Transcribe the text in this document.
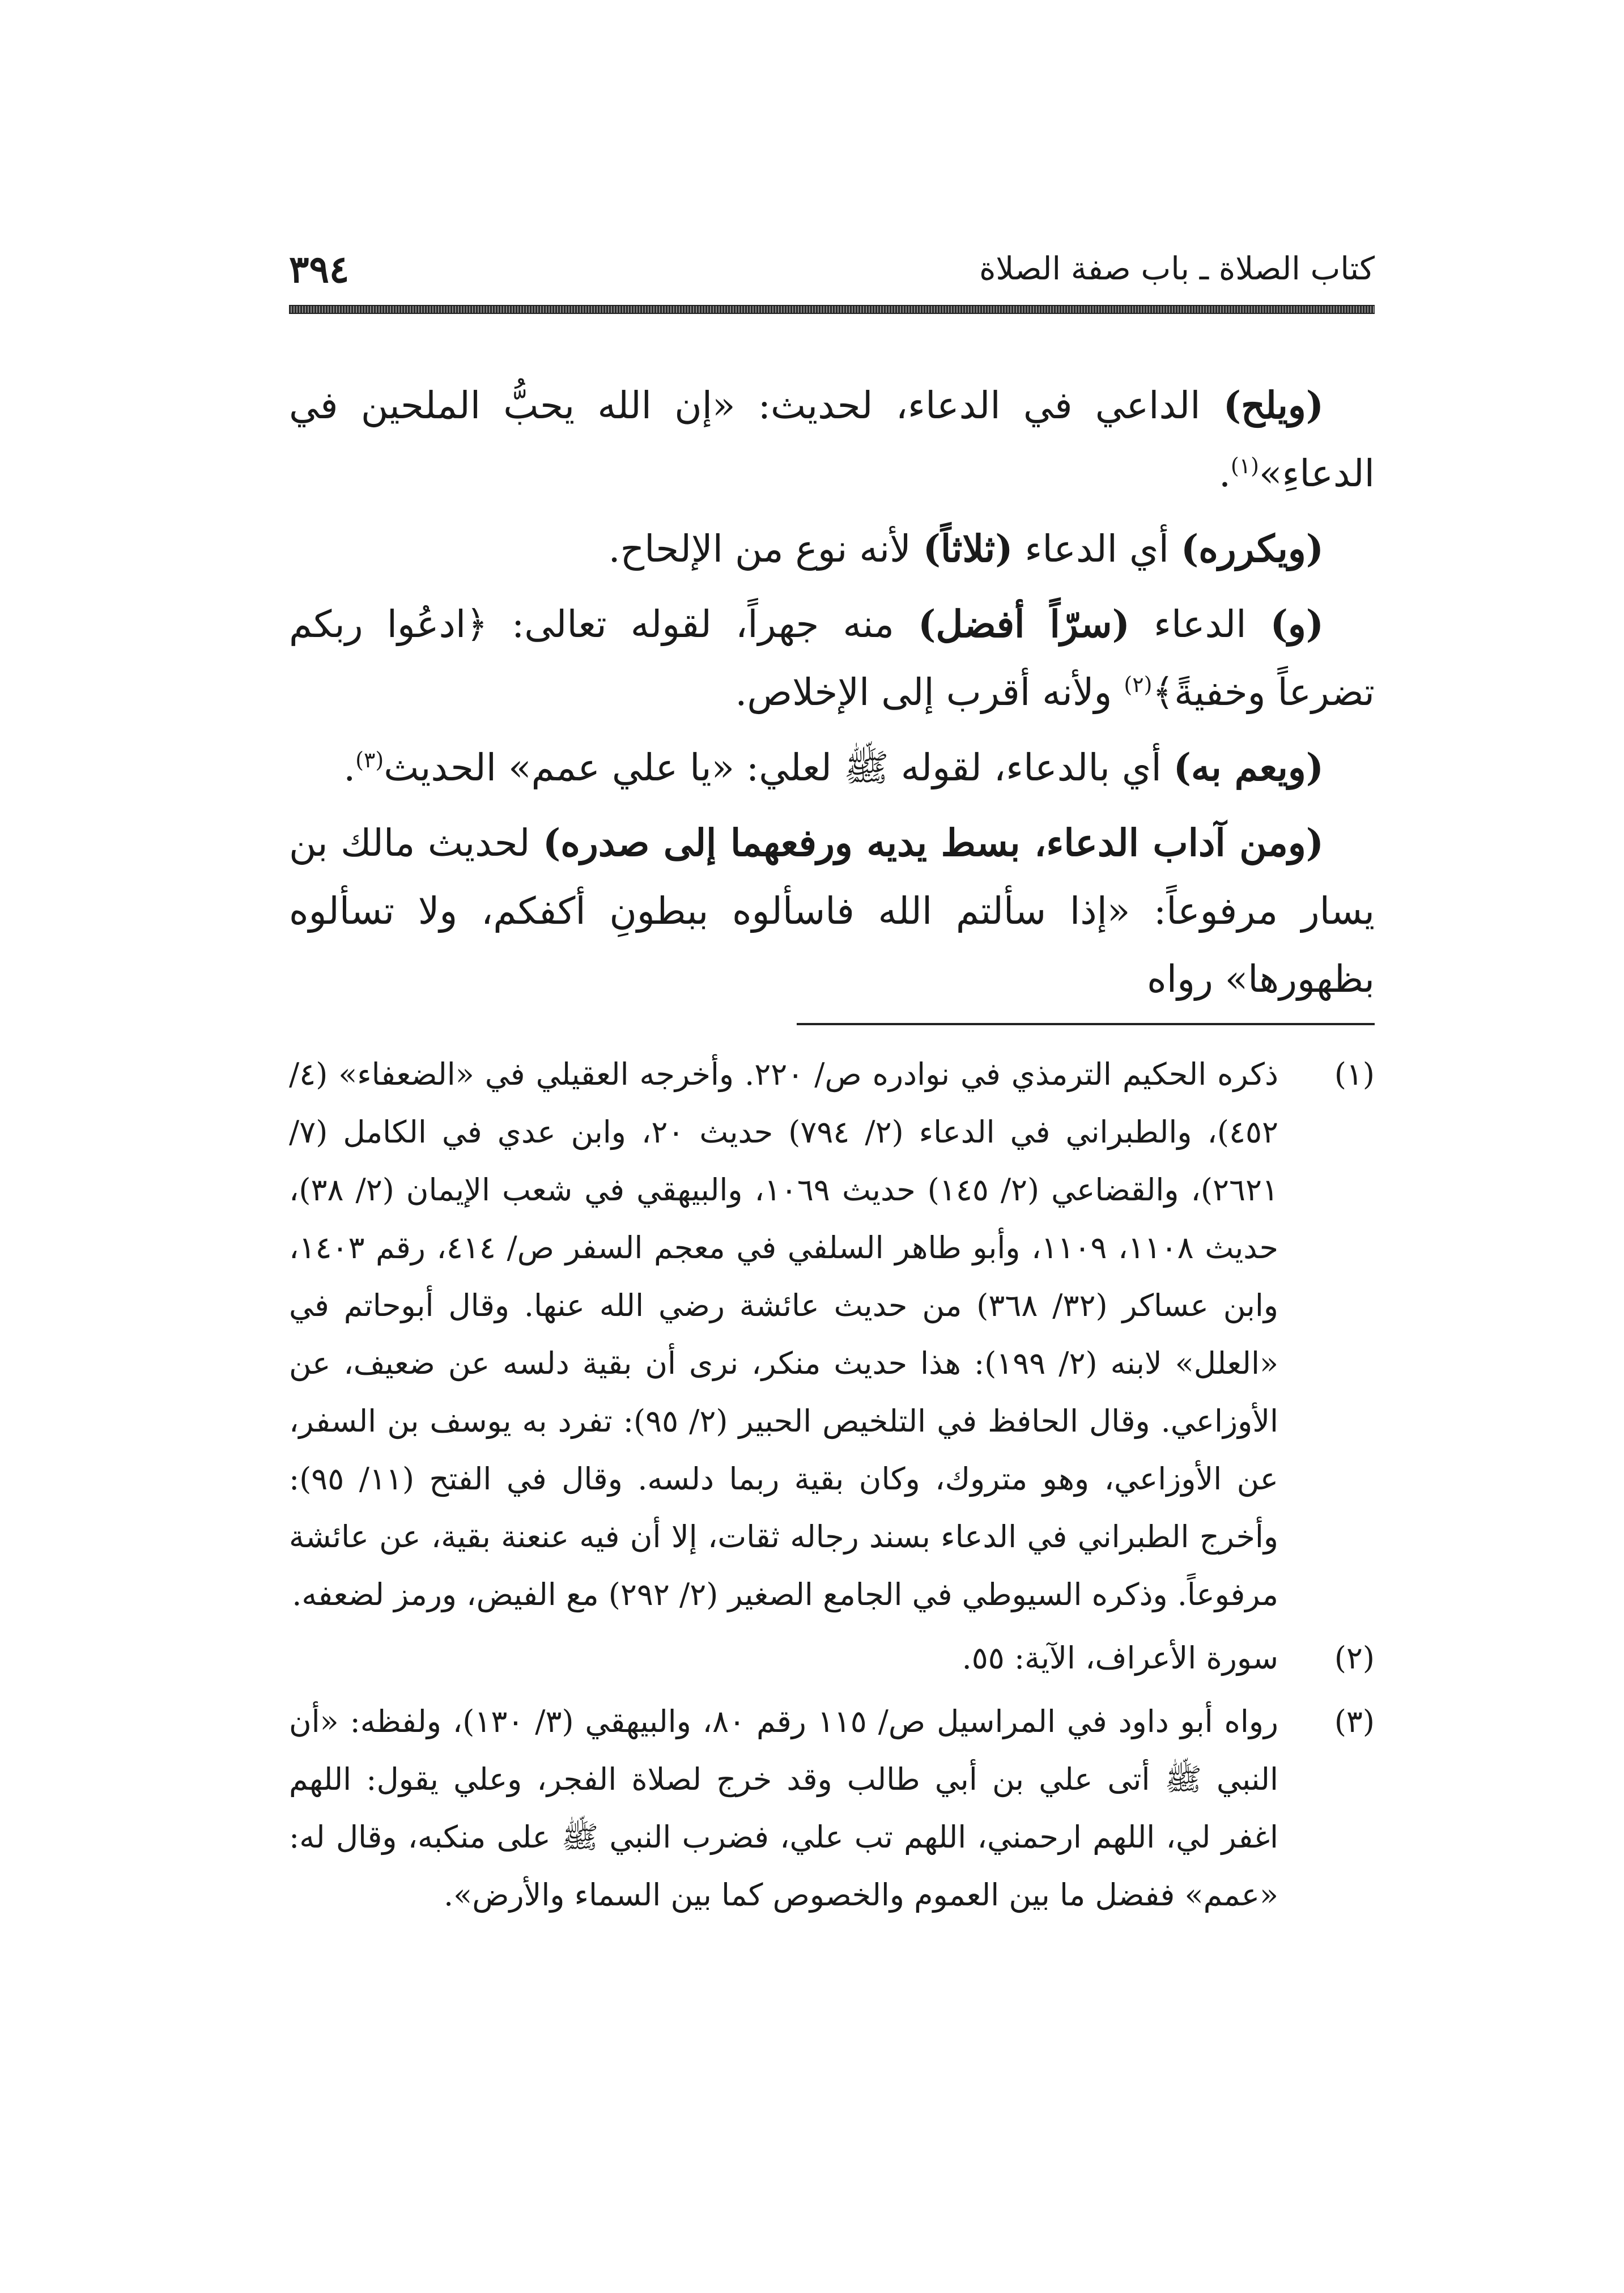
٣٩٤	كتاب الصلاة ـ باب صفة الصلاة

(ويلح) الداعي في الدعاء، لحديث: «إن الله يحبُّ الملحين في الدعاءِ»$^{(١)}$.

(ويكرره) أي الدعاء (ثلاثاً) لأنه نوع من الإلحاح.

(و) الدعاء (سرّاً أفضل) منه جهراً، لقوله تعالى: ﴿ادعُوا ربكم تضرعاً وخفيةً﴾$^{(٢)}$ ولأنه أقرب إلى الإخلاص.

(ويعم به) أي بالدعاء، لقوله ﷺ لعلي: «يا علي عمم» الحديث$^{(٣)}$.

(ومن آداب الدعاء، بسط يديه ورفعهما إلى صدره) لحديث مالك بن يسار مرفوعاً: «إذا سألتم الله فاسألوه ببطونِ أكفكم، ولا تسألوه بظهورها» رواه

(١)
ذكره الحكيم الترمذي في نوادره ص/ ٢٢٠. وأخرجه العقيلي في «الضعفاء» (٤/ ٤٥٢)، والطبراني في الدعاء (٢/ ٧٩٤) حديث ٢٠، وابن عدي في الكامل (٧/ ٢٦٢١)، والقضاعي (٢/ ١٤٥) حديث ١٠٦٩، والبيهقي في شعب الإيمان (٢/ ٣٨)، حديث ١١٠٨، ١١٠٩، وأبو طاهر السلفي في معجم السفر ص/ ٤١٤، رقم ١٤٠٣، وابن عساكر (٣٢/ ٣٦٨) من حديث عائشة رضي الله عنها. وقال أبوحاتم في «العلل» لابنه (٢/ ١٩٩): هذا حديث منكر، نرى أن بقية دلسه عن ضعيف، عن الأوزاعي. وقال الحافظ في التلخيص الحبير (٢/ ٩٥): تفرد به يوسف بن السفر، عن الأوزاعي، وهو متروك، وكان بقية ربما دلسه. وقال في الفتح (١١/ ٩٥): وأخرج الطبراني في الدعاء بسند رجاله ثقات، إلا أن فيه عنعنة بقية، عن عائشة مرفوعاً. وذكره السيوطي في الجامع الصغير (٢/ ٢٩٢) مع الفيض، ورمز لضعفه.
(٢)
سورة الأعراف، الآية: ٥٥.
(٣)
رواه أبو داود في المراسيل ص/ ١١٥ رقم ٨٠، والبيهقي (٣/ ١٣٠)، ولفظه: «أن النبي ﷺ أتى علي بن أبي طالب وقد خرج لصلاة الفجر، وعلي يقول: اللهم اغفر لي، اللهم ارحمني، اللهم تب علي، فضرب النبي ﷺ على منكبه، وقال له: «عمم» ففضل ما بين العموم والخصوص كما بين السماء والأرض».
